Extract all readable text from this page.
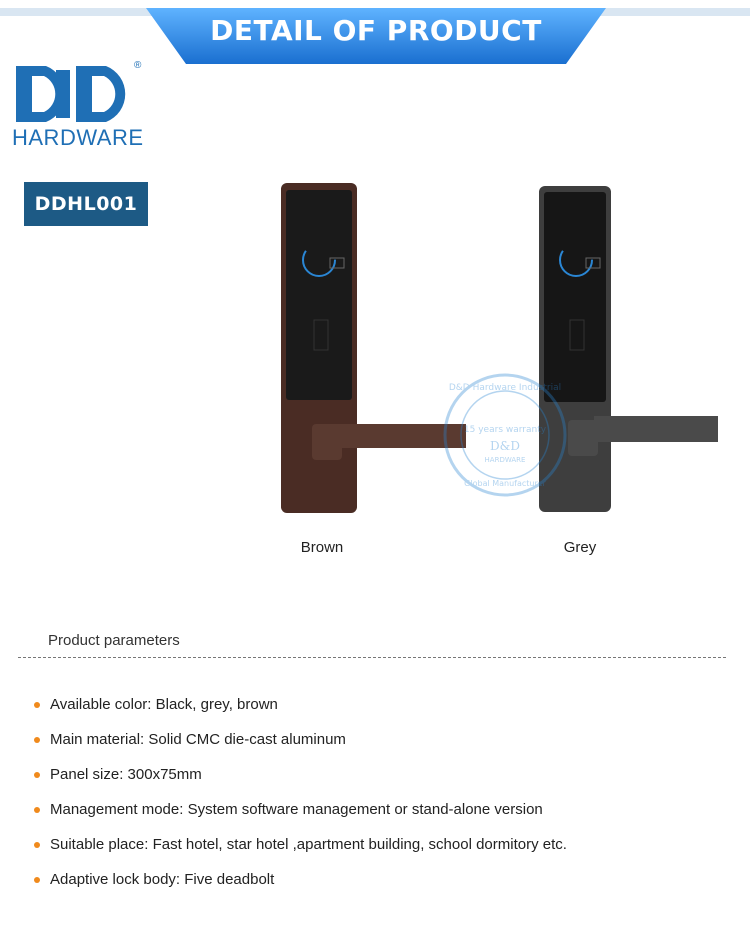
DETAIL OF PRODUCT
®
HARDWARE
DDHL001
Brown	Grey
D&D Hardware Industrial
15 years warranty
D&D
HARDWARE
Global Manufacturer
Product parameters
Available color: Black, grey, brown
Main material: Solid CMC die-cast aluminum
Panel size: 300x75mm
Management mode: System software management or stand-alone version
Suitable place: Fast hotel, star hotel ,apartment building, school dormitory etc.
Adaptive lock body: Five deadbolt
